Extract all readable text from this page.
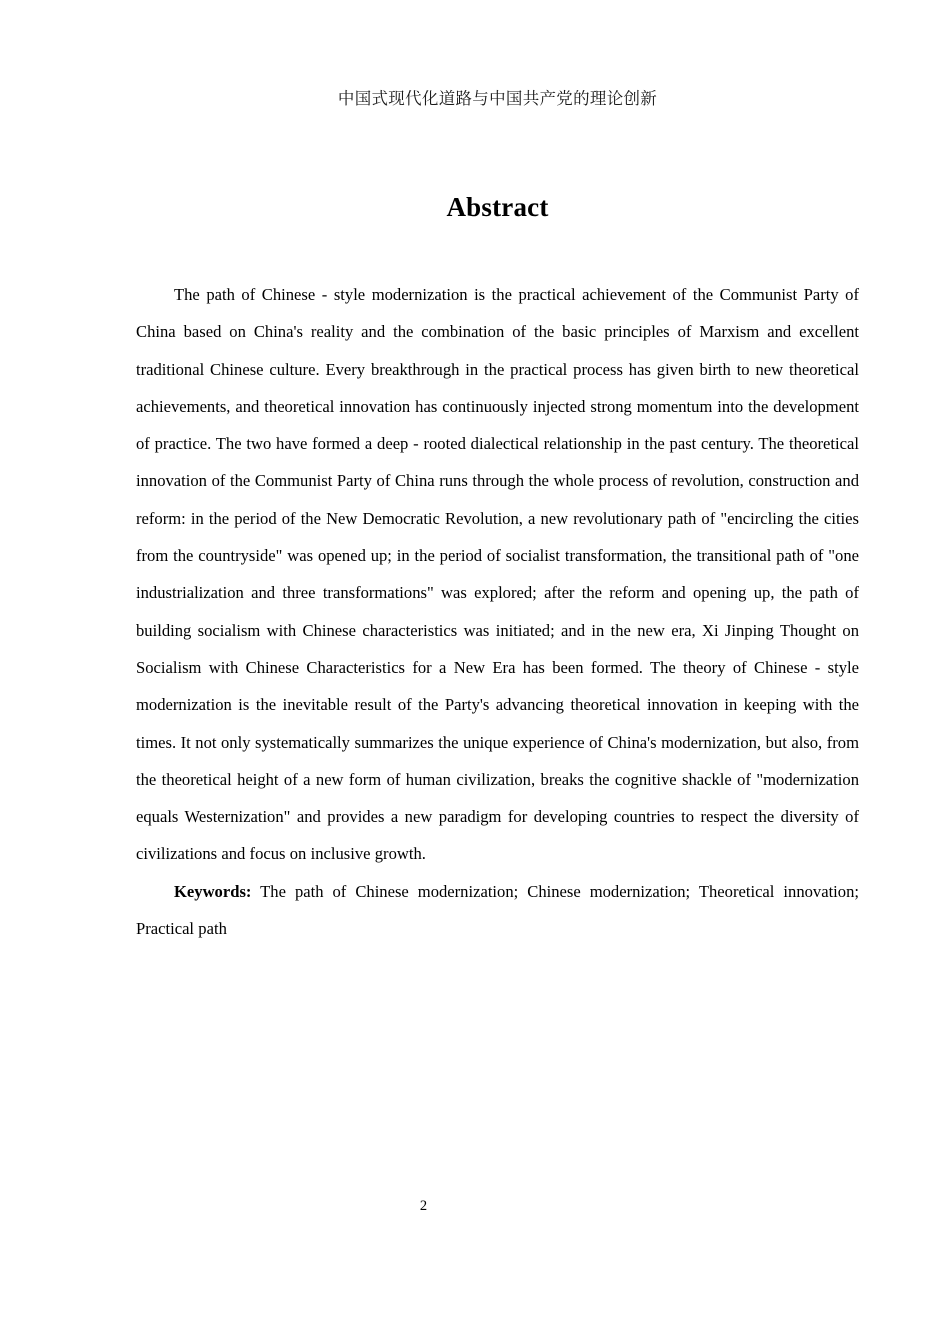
中国式现代化道路与中国共产党的理论创新
Abstract

The path of Chinese - style modernization is the practical achievement of the Communist Party of China based on China's reality and the combination of the basic principles of Marxism and excellent traditional Chinese culture. Every breakthrough in the practical process has given birth to new theoretical achievements, and theoretical innovation has continuously injected strong momentum into the development of practice. The two have formed a deep - rooted dialectical relationship in the past century. The theoretical innovation of the Communist Party of China runs through the whole process of revolution, construction and reform: in the period of the New Democratic Revolution, a new revolutionary path of "encircling the cities from the countryside" was opened up; in the period of socialist transformation, the transitional path of "one industrialization and three transformations" was explored; after the reform and opening up, the path of building socialism with Chinese characteristics was initiated; and in the new era, Xi Jinping Thought on Socialism with Chinese Characteristics for a New Era has been formed. The theory of Chinese - style modernization is the inevitable result of the Party's advancing theoretical innovation in keeping with the times. It not only systematically summarizes the unique experience of China's modernization, but also, from the theoretical height of a new form of human civilization, breaks the cognitive shackle of "modernization equals Westernization" and provides a new paradigm for developing countries to respect the diversity of civilizations and focus on inclusive growth.

Keywords: The path of Chinese modernization; Chinese modernization; Theoretical innovation; Practical path

2
